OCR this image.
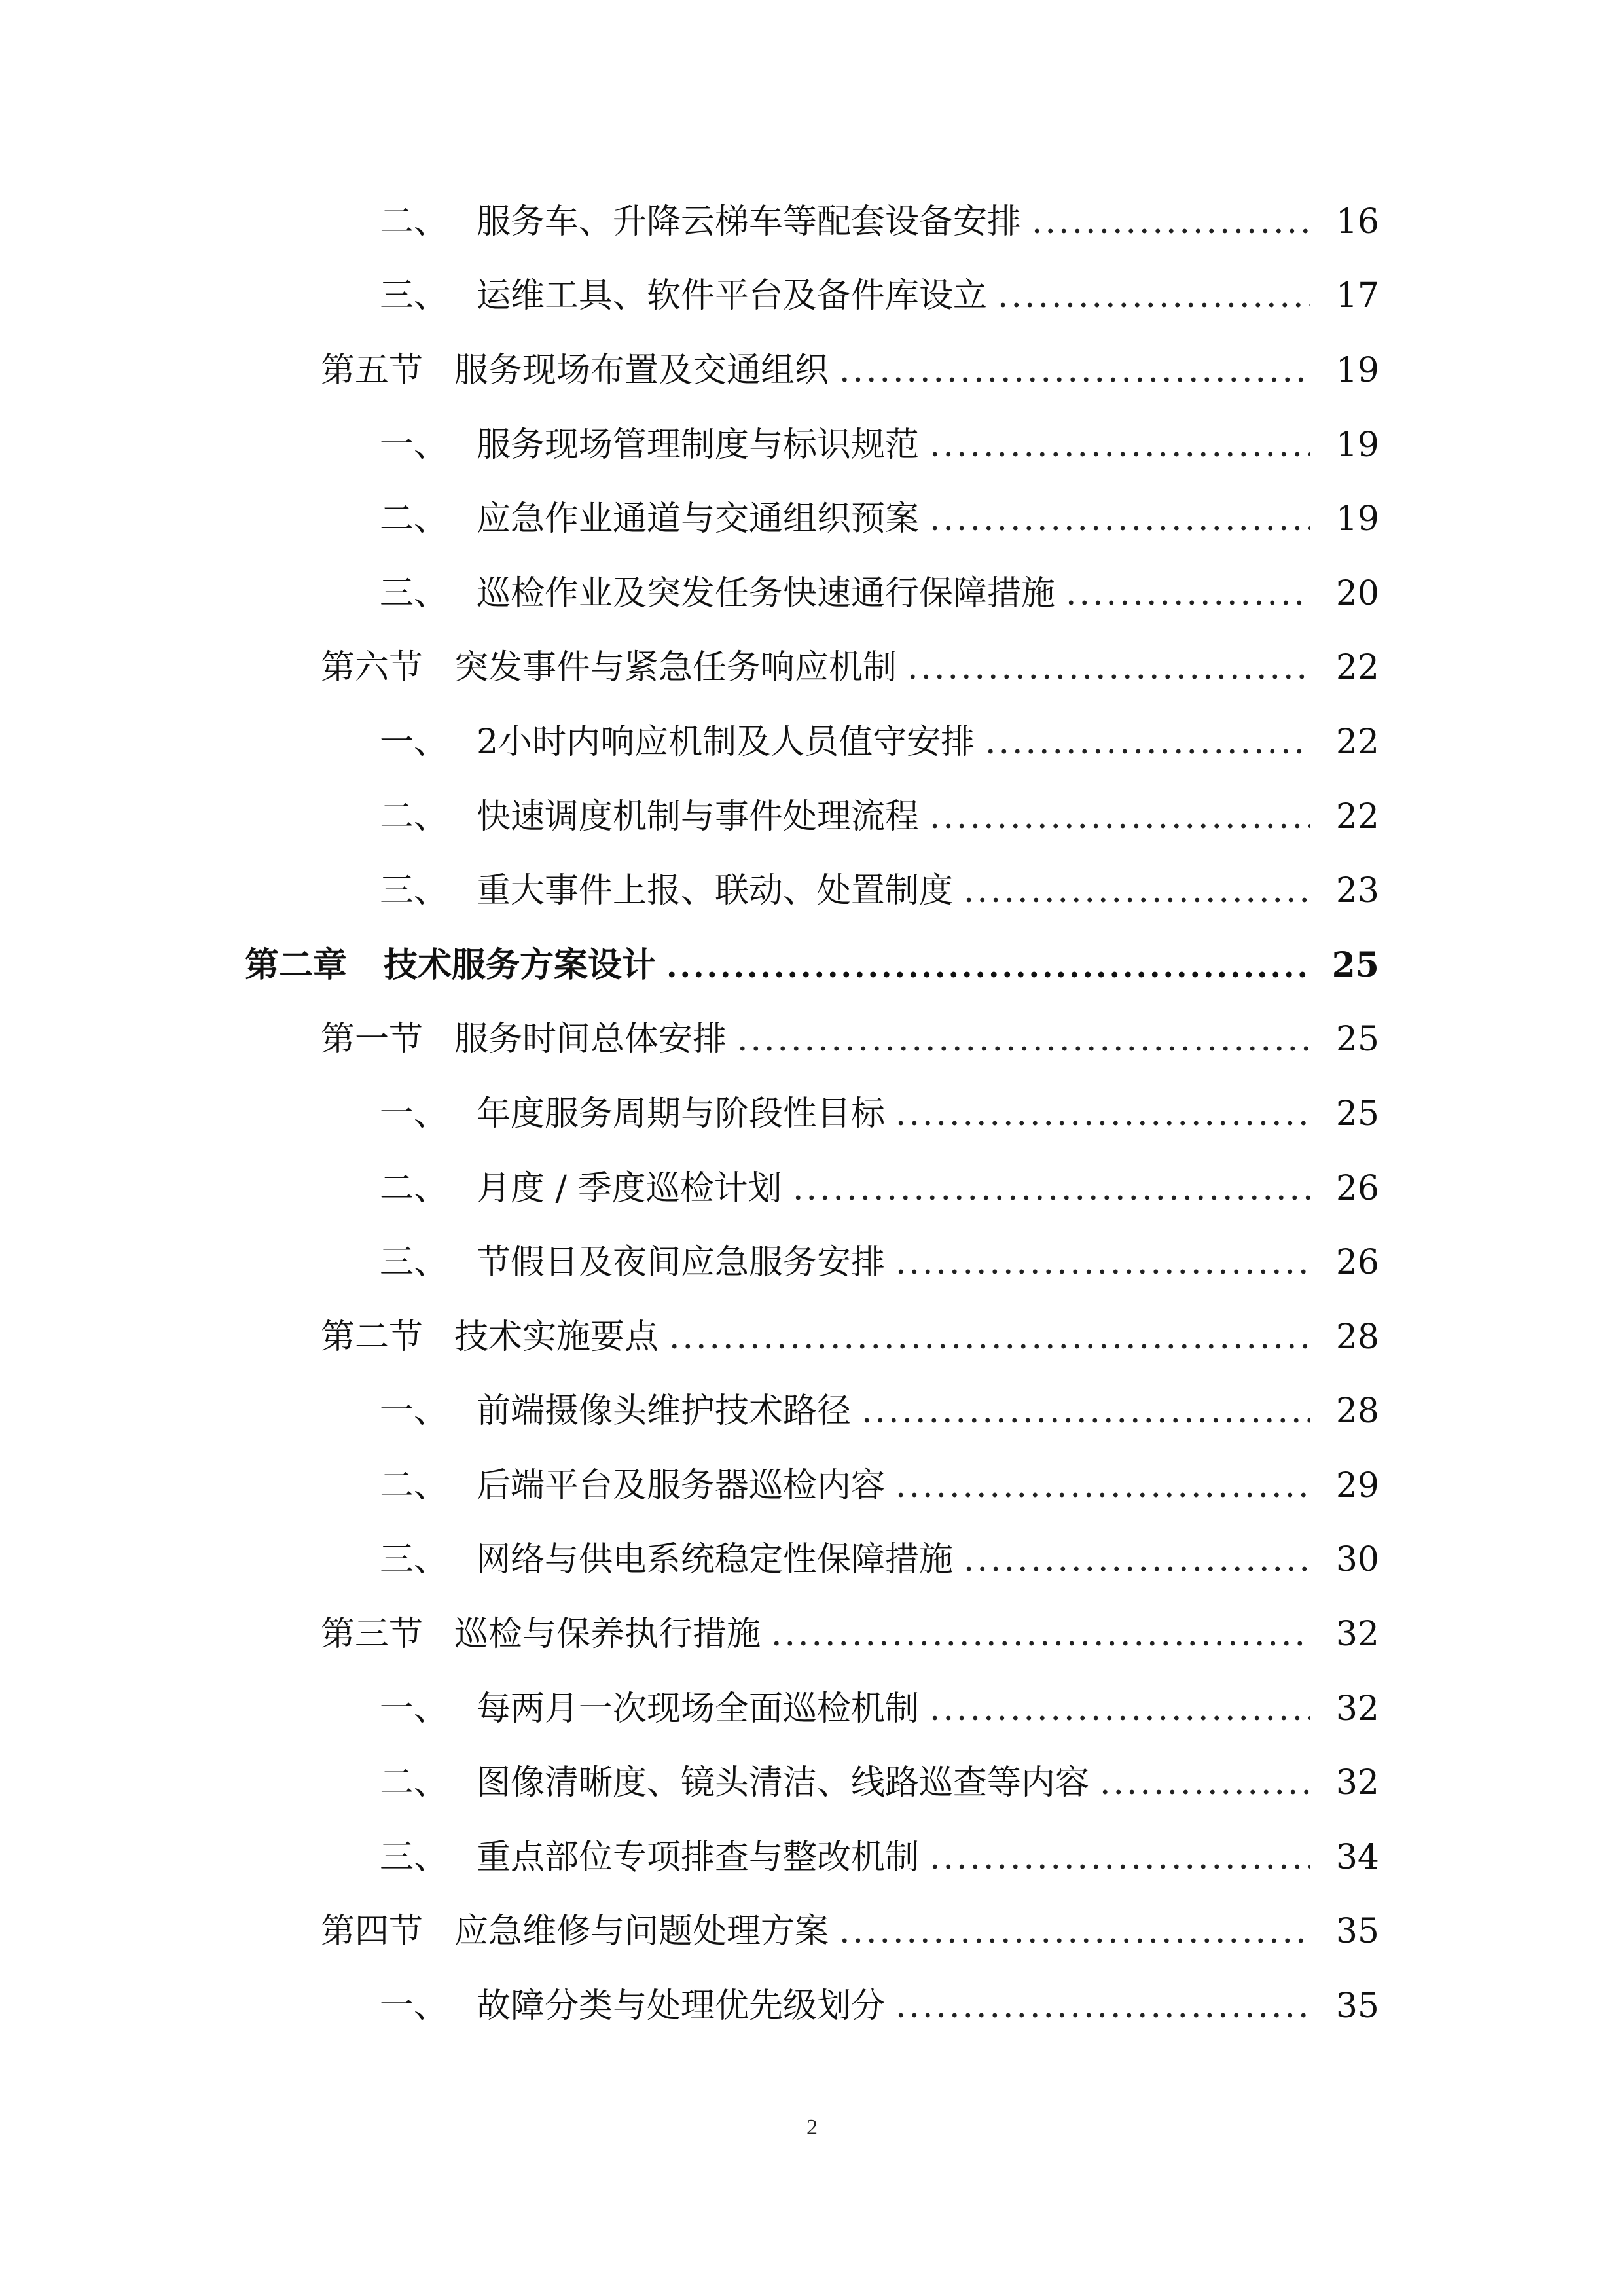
二、 服务车、升降云梯车等配套设备安排	16
三、 运维工具、软件平台及备件库设立	17
第五节 服务现场布置及交通组织	19
一、 服务现场管理制度与标识规范	19
二、 应急作业通道与交通组织预案	19
三、 巡检作业及突发任务快速通行保障措施	20
第六节 突发事件与紧急任务响应机制	22
一、 2小时内响应机制及人员值守安排	22
二、 快速调度机制与事件处理流程	22
三、 重大事件上报、联动、处置制度	23
第二章	技术服务方案设计	25
第一节 服务时间总体安排	25
一、 年度服务周期与阶段性目标	25
二、 月度 / 季度巡检计划	26
三、 节假日及夜间应急服务安排	26
第二节 技术实施要点	28
一、 前端摄像头维护技术路径	28
二、 后端平台及服务器巡检内容	29
三、 网络与供电系统稳定性保障措施	30
第三节 巡检与保养执行措施	32
一、 每两月一次现场全面巡检机制	32
二、 图像清晰度、镜头清洁、线路巡查等内容	32
三、 重点部位专项排查与整改机制	34
第四节 应急维修与问题处理方案	35
一、 故障分类与处理优先级划分	35
2
